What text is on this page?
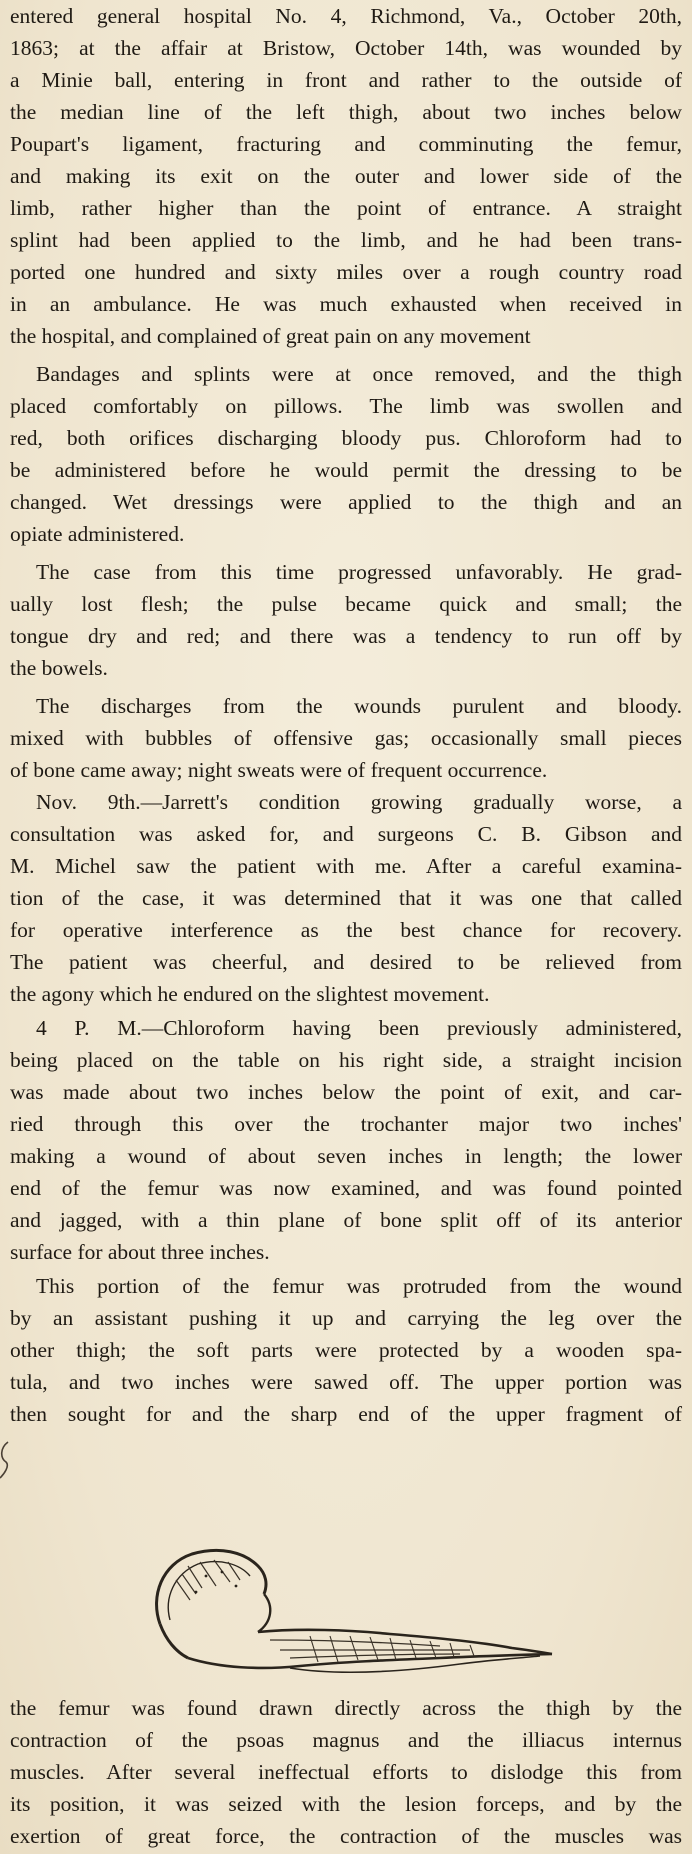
entered general hospital No. 4, Richmond, Va., October 20th,
1863; at the affair at Bristow, October 14th, was wounded by
a Minie ball, entering in front and rather to the outside of
the median line of the left thigh, about two inches below
Poupart's ligament, fracturing and comminuting the femur,
and making its exit on the outer and lower side of the
limb, rather higher than the point of entrance. A straight
splint had been applied to the limb, and he had been trans-
ported one hundred and sixty miles over a rough country road
in an ambulance. He was much exhausted when received in
the hospital, and complained of great pain on any movement
Bandages and splints were at once removed, and the thigh
placed comfortably on pillows. The limb was swollen and
red, both orifices discharging bloody pus. Chloroform had to
be administered before he would permit the dressing to be
changed. Wet dressings were applied to the thigh and an
opiate administered.
The case from this time progressed unfavorably. He grad-
ually lost flesh; the pulse became quick and small; the
tongue dry and red; and there was a tendency to run off by
the bowels.
The discharges from the wounds purulent and bloody.
mixed with bubbles of offensive gas; occasionally small pieces
of bone came away; night sweats were of frequent occurrence.
Nov. 9th.—Jarrett's condition growing gradually worse, a
consultation was asked for, and surgeons C. B. Gibson and
M. Michel saw the patient with me. After a careful examina-
tion of the case, it was determined that it was one that called
for operative interference as the best chance for recovery.
The patient was cheerful, and desired to be relieved from
the agony which he endured on the slightest movement.
4 P. M.—Chloroform having been previously administered,
being placed on the table on his right side, a straight incision
was made about two inches below the point of exit, and car-
ried through this over the trochanter major two inches'
making a wound of about seven inches in length; the lower
end of the femur was now examined, and was found pointed
and jagged, with a thin plane of bone split off of its anterior
surface for about three inches.
This portion of the femur was protruded from the wound
by an assistant pushing it up and carrying the leg over the
other thigh; the soft parts were protected by a wooden spa-
tula, and two inches were sawed off. The upper portion was
then sought for and the sharp end of the upper fragment of
the femur was found drawn directly across the thigh by the
contraction of the psoas magnus and the illiacus internus
muscles. After several ineffectual efforts to dislodge this from
its position, it was seized with the lesion forceps, and by the
exertion of great force, the contraction of the muscles was
